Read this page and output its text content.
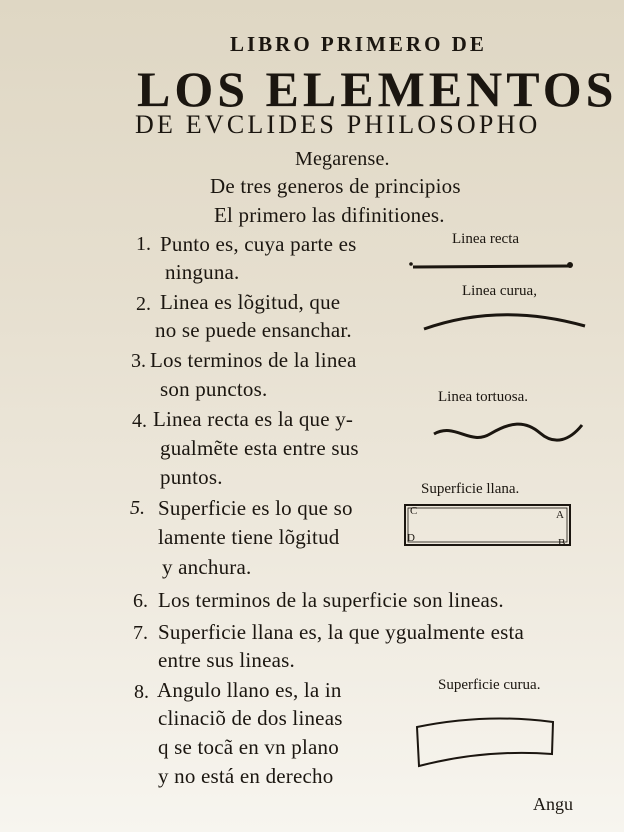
LIBRO PRIMERO DE
LOS ELEMENTOS
DE EVCLIDES PHILOSOPHO
Megarense.
De tres generos de principios
El primero las difinitiones.
1. Punto es, cuya parte es
ninguna.
2. Linea es lõgitud, que
no se puede ensanchar.
3. Los terminos de la linea
son punctos.
4. Linea recta es la que y-
gualmẽte esta entre sus
puntos.
5. Superficie es lo que so
lamente tiene lõgitud
y anchura.
6. Los terminos de la superficie son lineas.
7. Superficie llana es, la que ygualmente esta
entre sus lineas.
8. Angulo llano es, la in
clinaciõ de dos lineas
q se tocã en vn plano
y no está en derecho
Linea recta
Linea curua,
Linea tortuosa.
Superficie llana.
Superficie curua.
A
B
D
C
Angu
